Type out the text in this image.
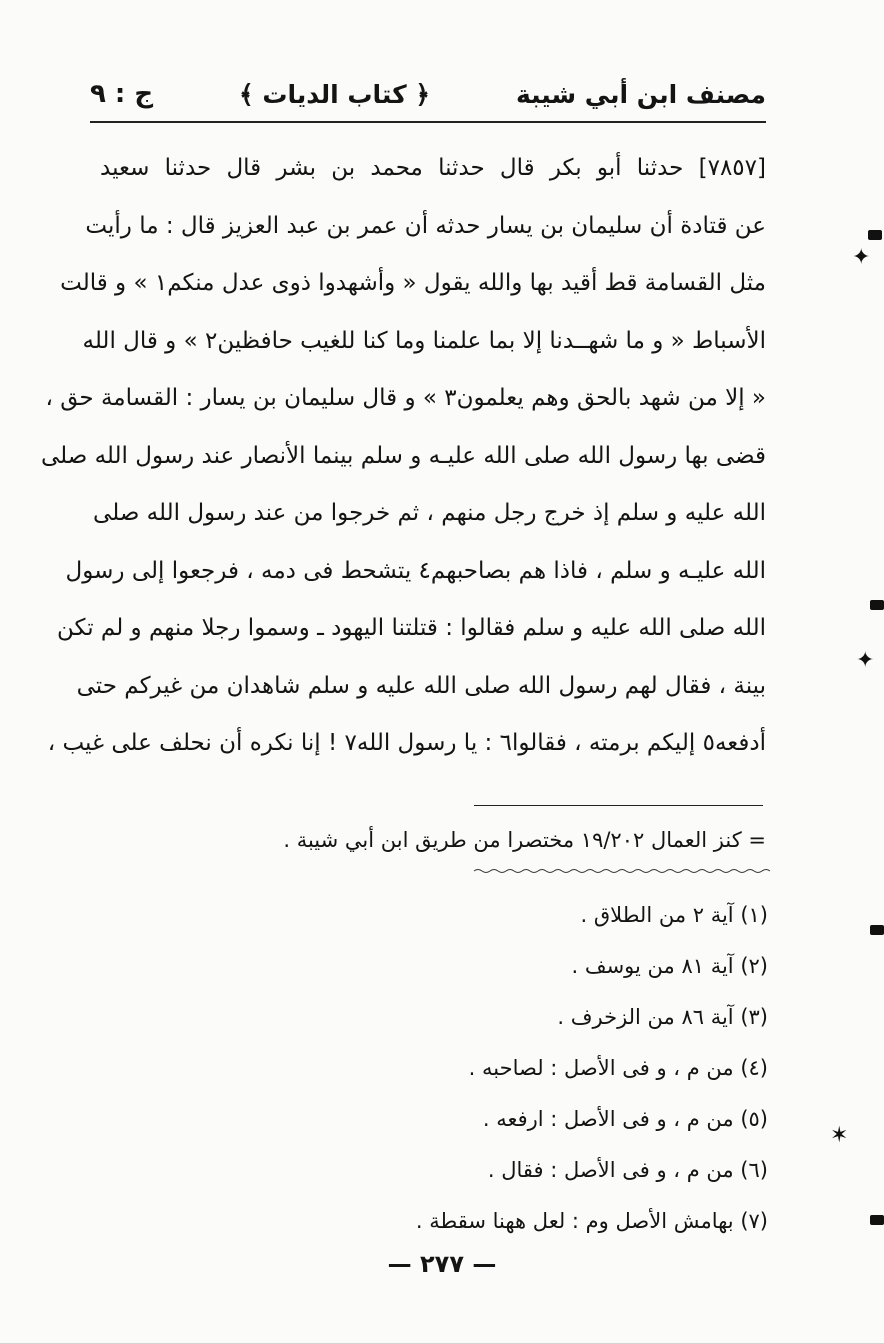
مصنف ابن أبي شيبة
﴿ كتاب الديات ﴾
ج : ٩
[٧٨٥٧] حدثنا أبو بكر قال حدثنا محمد بن بشر قال حدثنا سعيد
عن قتادة أن سليمان بن يسار حدثه أن عمر بن عبد العزيز قال : ما رأيت
مثل القسامة قط أقيد بها والله يقول « وأشهدوا ذوى عدل منكم١ » و قالت
الأسباط « و ما شهــدنا إلا بما علمنا وما كنا للغيب حافظين٢ » و قال الله
« إلا من شهد بالحق وهم يعلمون٣ » و قال سليمان بن يسار : القسامة حق ،
قضى بها رسول الله صلى الله عليـه و سلم بينما الأنصار عند رسول الله صلى
الله عليه و سلم إذ خرج رجل منهم ، ثم خرجوا من عند رسول الله صلى
الله عليـه و سلم ، فاذا هم بصاحبهم٤ يتشحط فى دمه ، فرجعوا إلى رسول
الله صلى الله عليه و سلم فقالوا : قتلتنا اليهود ـ وسموا رجلا منهم و لم تكن
بينة ، فقال لهم رسول الله صلى الله عليه و سلم شاهدان من غيركم حتى
أدفعه٥ إليكم برمته ، فقالوا٦ : يا رسول الله٧ ! إنا نكره أن نحلف على غيب ،
= كنز العمال ١٩/٢٠٢ مختصرا من طريق ابن أبي شيبة .
(١) آية ٢ من الطلاق .
(٢) آية ٨١ من يوسف .
(٣) آية ٨٦ من الزخرف .
(٤) من م ، و فى الأصل : لصاحبه .
(٥) من م ، و فى الأصل : ارفعه .
(٦) من م ، و فى الأصل : فقال .
(٧) بهامش الأصل وم : لعل ههنا سقطة .
— ٢٧٧ —
✦
✦
✶
